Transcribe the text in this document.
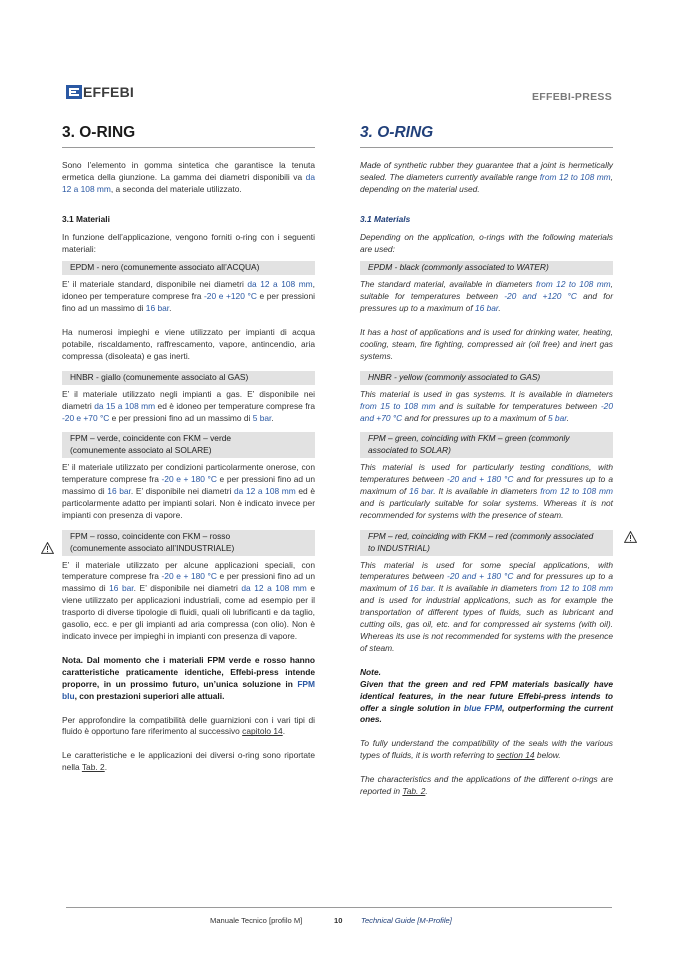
EFFEBI	EFFEBI-PRESS
3. O-RING

Sono l’elemento in gomma sintetica che garantisce la tenuta ermetica della giunzione. La gamma dei diametri disponibili va da 12 a 108 mm, a seconda del materiale utilizzato.

3.1 Materiali

In funzione dell’applicazione, vengono forniti o-ring con i seguenti materiali:

EPDM - nero (comunemente associato all’ACQUA)

E’ il materiale standard, disponibile nei diametri da 12 a 108 mm, idoneo per temperature comprese fra -20 e +120 °C e per pressioni fino ad un massimo di 16 bar.

Ha numerosi impieghi e viene utilizzato per impianti di acqua potabile, riscaldamento, raffrescamento, vapore, antincendio, aria compressa (disoleata) e gas inerti.

HNBR - giallo (comunemente associato al GAS)

E’ il materiale utilizzato negli impianti a gas. E’ disponibile nei diametri da 15 a 108 mm ed è idoneo per temperature comprese fra -20 e +70 °C e per pressioni fino ad un massimo di 5 bar.

FPM – verde, coincidente con FKM – verde
(comunemente associato al SOLARE)

E’ il materiale utilizzato per condizioni particolarmente onerose, con temperature comprese fra -20 e + 180 °C e per pressioni fino ad un massimo di 16 bar. E’ disponibile nei diametri da 12 a 108 mm ed è particolarmente adatto per impianti solari. Non è indicato invece per impianti con presenza di vapore.

FPM – rosso, coincidente con FKM – rosso
(comunemente associato all’INDUSTRIALE)

E’ il materiale utilizzato per alcune applicazioni speciali, con temperature comprese fra -20 e + 180 °C e per pressioni fino ad un massimo di 16 bar. E’ disponibile nei diametri da 12 a 108 mm e viene utilizzato per applicazioni industriali, come ad esempio per il trasporto di diverse tipologie di fluidi, quali oli lubrificanti e da taglio, gasolio, ecc. e per gli impianti ad aria compressa (con olio). Non è indicato invece per impieghi in impianti con presenza di vapore.

Nota. Dal momento che i materiali FPM verde e rosso hanno caratteristiche praticamente identiche, Effebi-press intende proporre, in un prossimo futuro, un’unica soluzione in FPM blu, con prestazioni superiori alle attuali.

Per approfondire la compatibilità delle guarnizioni con i vari tipi di fluido è opportuno fare riferimento al successivo capitolo 14.

Le caratteristiche e le applicazioni dei diversi o-ring sono riportate nella Tab. 2.

3. O-RING

Made of synthetic rubber they guarantee that a joint is hermetically sealed. The diameters currently available range from 12 to 108 mm, depending on the material used.

3.1 Materials

Depending on the application, o-rings with the following materials are used:

EPDM - black (commonly associated to WATER)

The standard material, available in diameters from 12 to 108 mm, suitable for temperatures between -20 and +120 °C and for pressures up to a maximum of 16 bar.

It has a host of applications and is used for drinking water, heating, cooling, steam, fire fighting, compressed air (oil free) and inert gas systems.

HNBR - yellow (commonly associated to GAS)

This material is used in gas systems. It is available in diameters from 15 to 108 mm and is suitable for temperatures between -20 and +70 °C and for pressures up to a maximum of 5 bar.

FPM – green, coinciding with FKM – green (commonly
associated to SOLAR)

This material is used for particularly testing conditions, with temperatures between -20 and + 180 °C and for pressures up to a maximum of 16 bar. It is available in diameters from 12 to 108 mm and is particularly suitable for solar systems. Whereas it is not recommended for systems with the presence of steam.

FPM – red, coinciding with FKM – red (commonly associated
to INDUSTRIAL)

This material is used for some special applications, with temperatures between -20 and + 180 °C and for pressures up to a maximum of 16 bar. It is available in diameters from 12 to 108 mm and is used for industrial applications, such as for example the transportation of different types of fluids, such as lubricant and cutting oils, gas oil, etc. and for compressed air systems (with oil). Whereas its use is not recommended for systems with the presence of steam.

Note.

Given that the green and red FPM materials basically have identical features, in the near future Effebi-press intends to offer a single solution in blue FPM, outperforming the current ones.

To fully understand the compatibility of the seals with the various types of fluids, it is worth referring to section 14 below.

The characteristics and the applications of the different o-rings are reported in Tab. 2.

Manuale Tecnico [profilo M]	10 Technical Guide [M-Profile]
